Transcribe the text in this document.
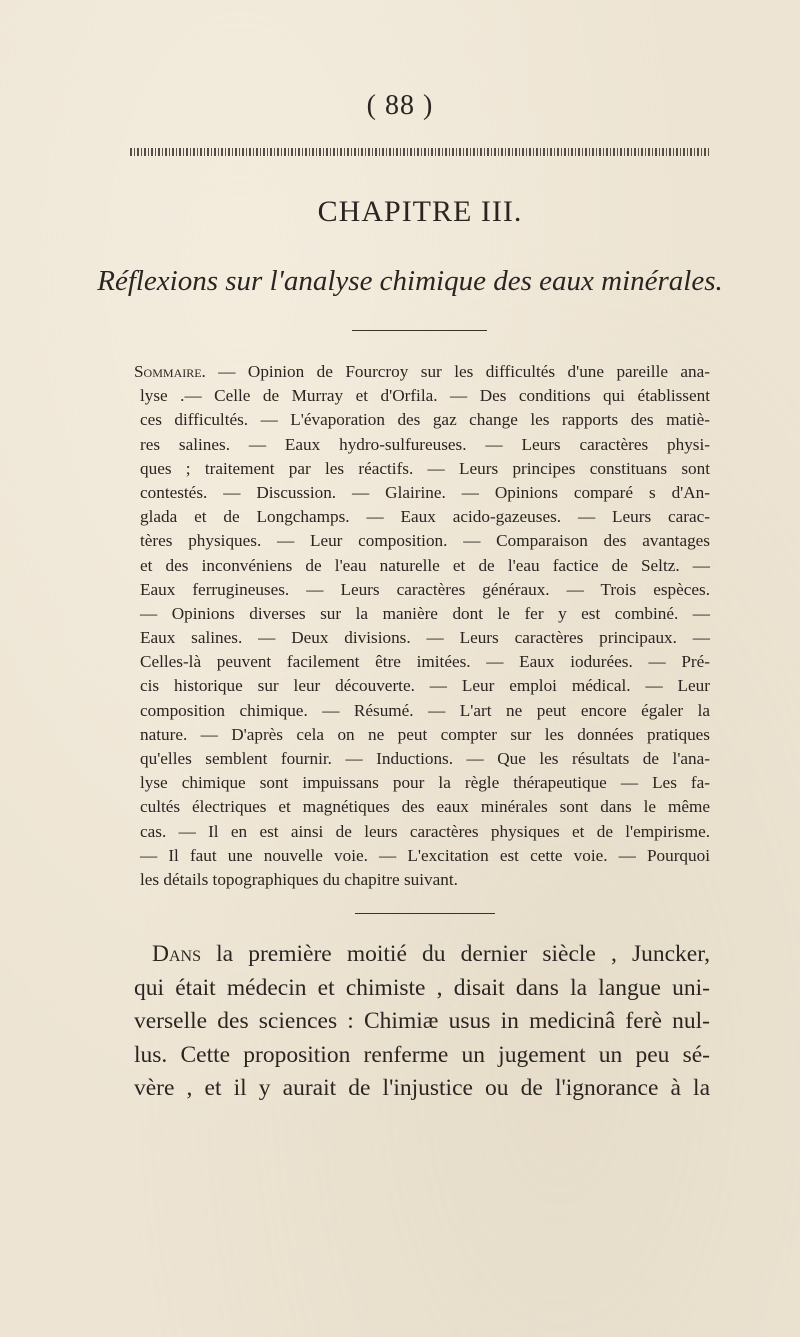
( 88 )
CHAPITRE III.
Réflexions sur l'analyse chimique des eaux minérales.
Sommaire. — Opinion de Fourcroy sur les difficultés d'une pareille ana-
lyse .— Celle de Murray et d'Orfila. — Des conditions qui établissent
ces difficultés. — L'évaporation des gaz change les rapports des matiè-
res salines. — Eaux hydro-sulfureuses. — Leurs caractères physi-
ques ; traitement par les réactifs. — Leurs principes constituans sont
contestés. — Discussion. — Glairine. — Opinions comparé s d'An-
glada et de Longchamps. — Eaux acido-gazeuses. — Leurs carac-
tères physiques. — Leur composition. — Comparaison des avantages
et des inconvéniens de l'eau naturelle et de l'eau factice de Seltz. —
Eaux ferrugineuses. — Leurs caractères généraux. — Trois espèces.
— Opinions diverses sur la manière dont le fer y est combiné. —
Eaux salines. — Deux divisions. — Leurs caractères principaux. —
Celles-là peuvent facilement être imitées. — Eaux iodurées. — Pré-
cis historique sur leur découverte. — Leur emploi médical. — Leur
composition chimique. — Résumé. — L'art ne peut encore égaler la
nature. — D'après cela on ne peut compter sur les données pratiques
qu'elles semblent fournir. — Inductions. — Que les résultats de l'ana-
lyse chimique sont impuissans pour la règle thérapeutique — Les fa-
cultés électriques et magnétiques des eaux minérales sont dans le même
cas. — Il en est ainsi de leurs caractères physiques et de l'empirisme.
— Il faut une nouvelle voie. — L'excitation est cette voie. — Pourquoi
les détails topographiques du chapitre suivant.
Dans la première moitié du dernier siècle , Juncker,
qui était médecin et chimiste , disait dans la langue uni-
verselle des sciences : Chimiæ usus in medicinâ ferè nul-
lus. Cette proposition renferme un jugement un peu sé-
vère , et il y aurait de l'injustice ou de l'ignorance à la
